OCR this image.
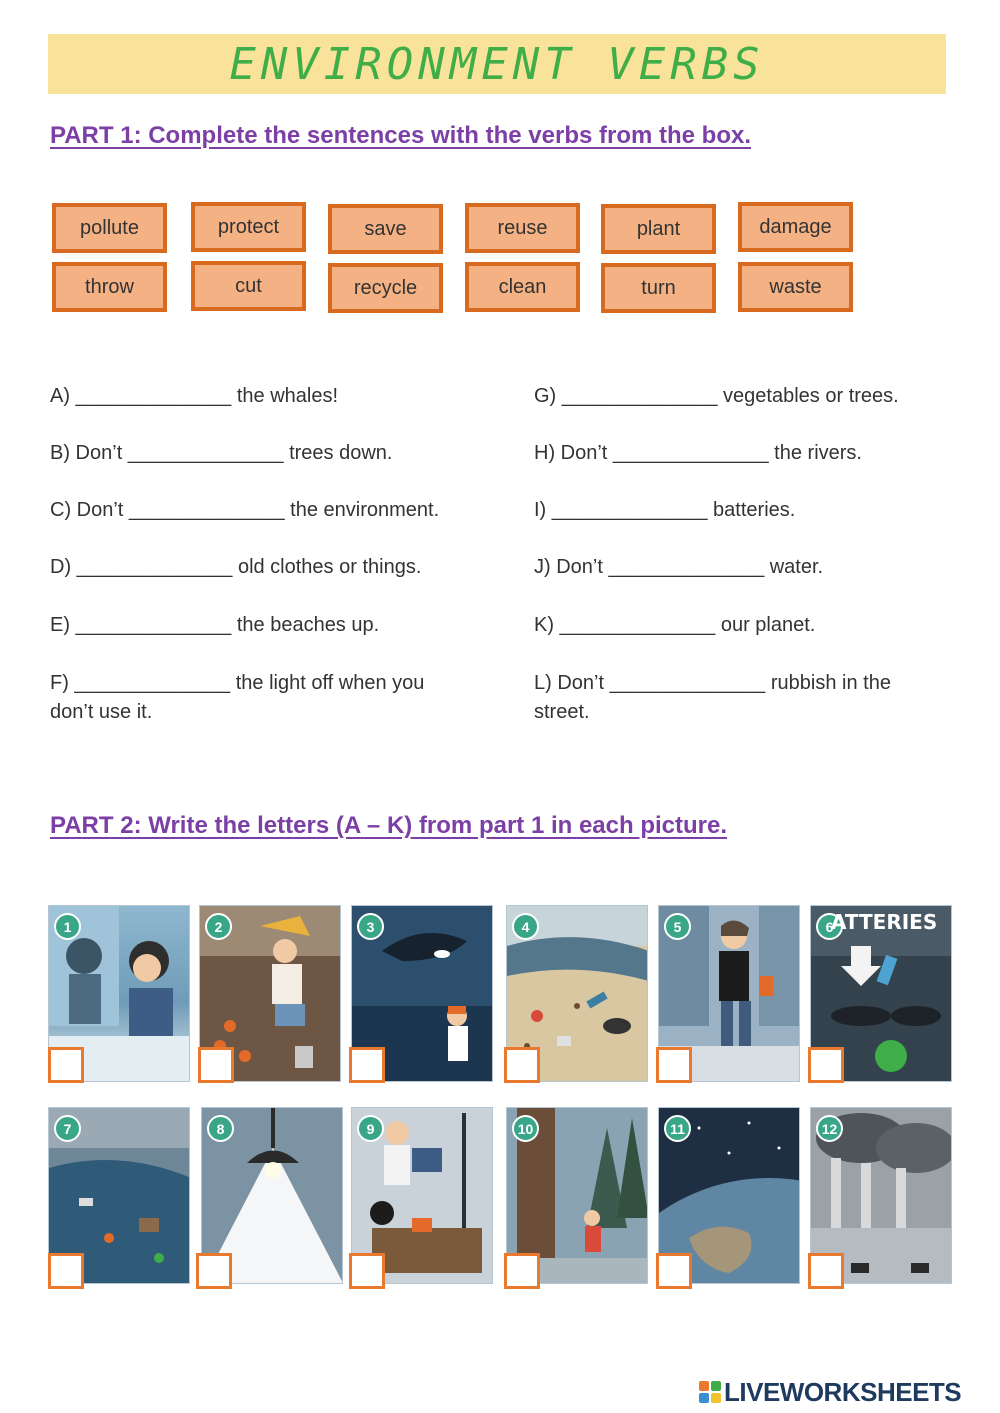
ENVIRONMENT VERBS
PART 1: Complete the sentences with the verbs from the box.
pollute	protect	save	reuse	plant	damage
throw	cut	recycle	clean	turn	waste
A) ______________ the whales!
B) Don’t ______________ trees down.
C) Don’t ______________ the environment.
D) ______________ old clothes or things.
E) ______________ the beaches up.
F) ______________ the light off when you don’t use it.
G) ______________ vegetables or trees.
H) Don’t ______________ the rivers.
I) ______________ batteries.
J) Don’t ______________ water.
K) ______________ our planet.
L) Don’t ______________ rubbish in the street.
PART 2: Write the letters (A – K) from part 1 in each picture.
1	2	3	4	5	6
ATTERIES
7	8	9	10	11	12
LIVEWORKSHEETS
